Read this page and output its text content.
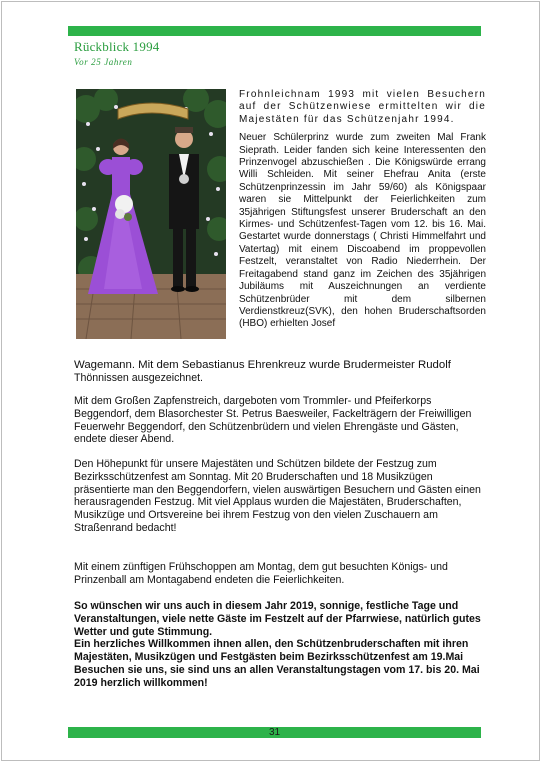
Rückblick 1994
Vor 25 Jahren

Frohnleichnam 1993 mit vielen Besuchern auf der Schützenwiese ermittelten wir die Majestäten für das Schützenjahr 1994.

Neuer Schülerprinz wurde zum zweiten Mal Frank Sieprath. Leider fanden sich keine Interessenten den Prinzenvogel abzuschießen . Die Königswürde errang Willi Schleiden. Mit seiner Ehefrau Anita (erste Schützenprinzessin im Jahr 59/60) als Königspaar waren sie Mittelpunkt der Feierlichkeiten zum 35jährigen Stiftungsfest unserer Bruderschaft an den Kirmes- und Schützenfest-Tagen vom 12. bis 16. Mai. Gestartet wurde donnerstags ( Christi Himmelfahrt und Vatertag) mit einem Discoabend im proppevollen Festzelt, veranstaltet von Radio Niederrhein. Der Freitagabend stand ganz im Zeichen des 35jährigen Jubiläums mit Auszeichnungen an verdiente Schützenbrüder mit dem silbernen Verdienstkreuz(SVK), den hohen Bruderschaftsorden (HBO) erhielten Josef

Wagemann. Mit dem Sebastianus Ehrenkreuz wurde Brudermeister Rudolf

Thönnissen ausgezeichnet.

Mit dem Großen Zapfenstreich, dargeboten vom Trommler- und Pfeiferkorps Beggendorf, dem Blasorchester St. Petrus Baesweiler, Fackelträgern der Freiwilligen Feuerwehr Beggendorf, den Schützenbrüdern und vielen Ehrengäste und Gästen, endete dieser Abend.

Den Höhepunkt für unsere Majestäten und Schützen bildete der Festzug zum Bezirksschützenfest am Sonntag. Mit 20 Bruderschaften und 18 Musikzügen präsentierte man den Beggendorfern, vielen auswärtigen Besuchern und Gästen einen herausragenden Festzug. Mit viel Applaus wurden die Majestäten, Bruderschaften, Musikzüge und Ortsvereine bei ihrem Festzug von den vielen Zuschauern am Straßenrand bedacht!

Mit einem zünftigen Frühschoppen am Montag, dem gut besuchten Königs- und Prinzenball am Montagabend endeten die Feierlichkeiten.

So wünschen wir uns auch in diesem Jahr 2019, sonnige, festliche Tage und Veranstaltungen, viele nette Gäste im Festzelt auf der Pfarrwiese, natürlich gutes Wetter und gute Stimmung.

Ein herzliches Willkommen ihnen allen, den Schützenbruderschaften mit ihren Majestäten, Musikzügen und Festgästen beim Bezirksschützenfest am 19.Mai

Besuchen sie uns, sie sind uns an allen Veranstaltungstagen vom 17. bis 20. Mai 2019 herzlich willkommen!

31
